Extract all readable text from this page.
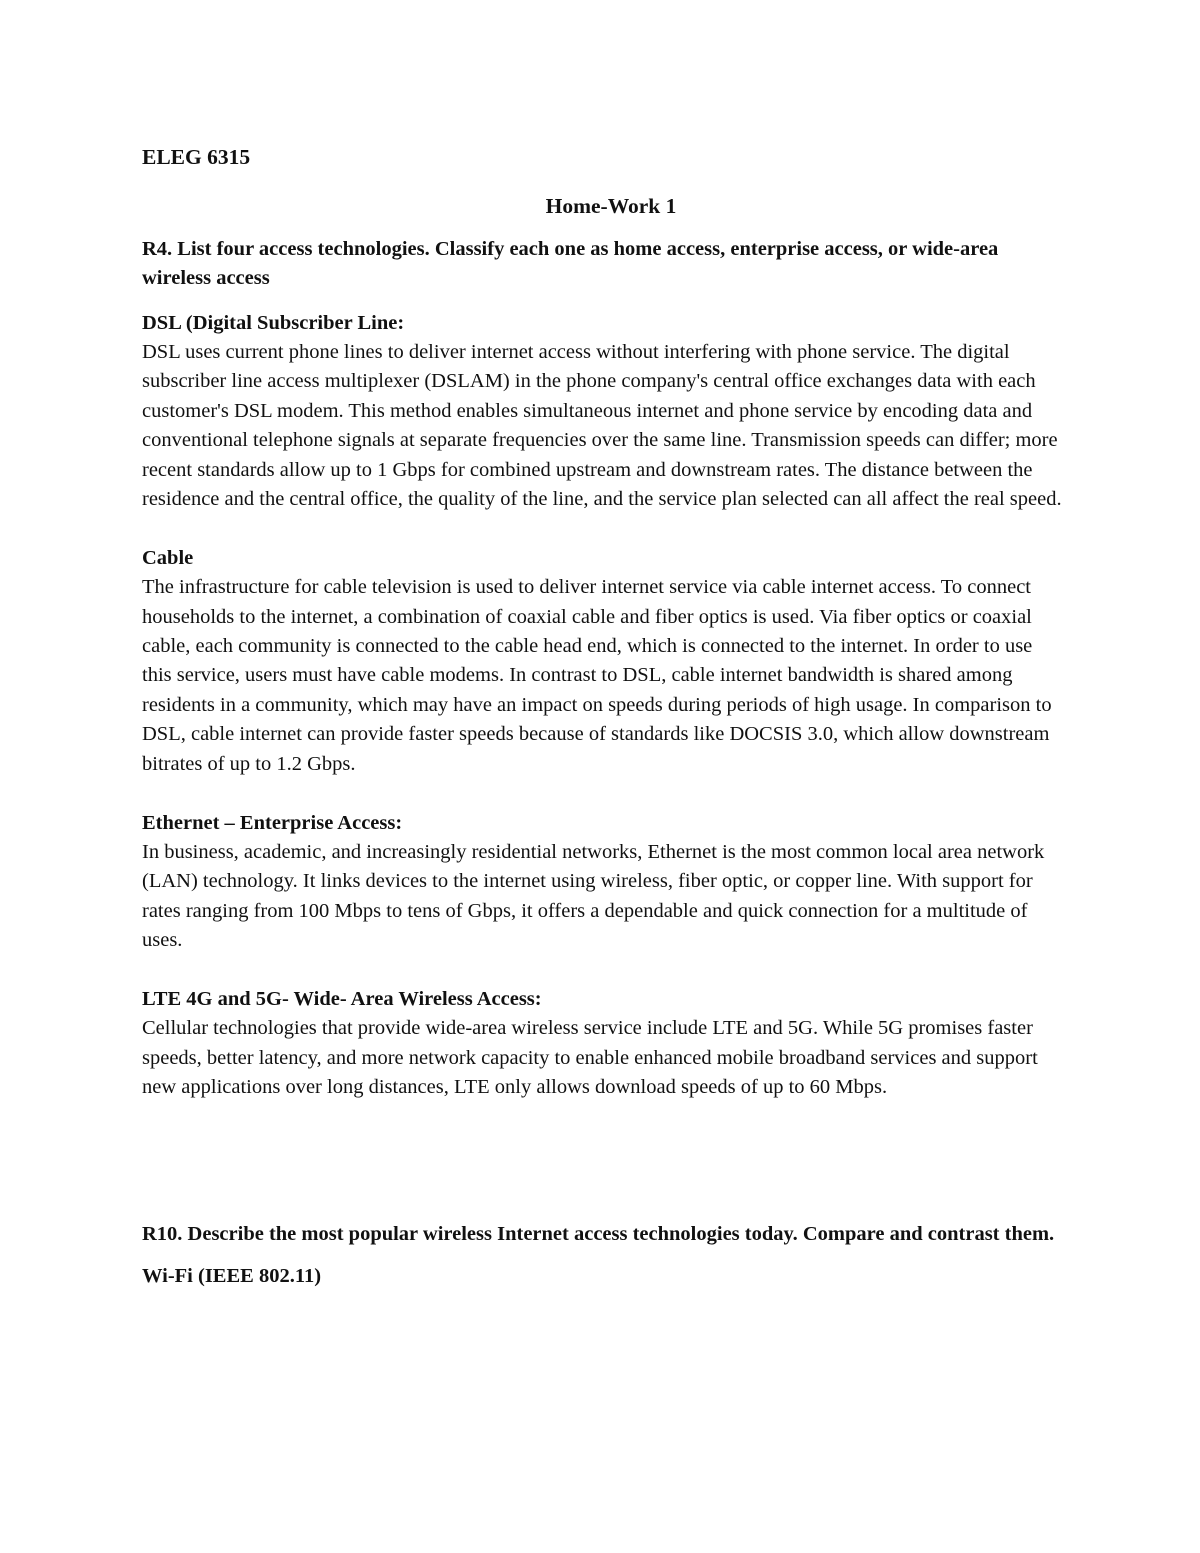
ELEG 6315

Home-Work 1

R4. List four access technologies. Classify each one as home access, enterprise access, or wide-area wireless access

DSL (Digital Subscriber Line:

DSL uses current phone lines to deliver internet access without interfering with phone service. The digital subscriber line access multiplexer (DSLAM) in the phone company's central office exchanges data with each customer's DSL modem. This method enables simultaneous internet and phone service by encoding data and conventional telephone signals at separate frequencies over the same line. Transmission speeds can differ; more recent standards allow up to 1 Gbps for combined upstream and downstream rates. The distance between the residence and the central office, the quality of the line, and the service plan selected can all affect the real speed.

Cable

The infrastructure for cable television is used to deliver internet service via cable internet access. To connect households to the internet, a combination of coaxial cable and fiber optics is used. Via fiber optics or coaxial cable, each community is connected to the cable head end, which is connected to the internet. In order to use this service, users must have cable modems. In contrast to DSL, cable internet bandwidth is shared among residents in a community, which may have an impact on speeds during periods of high usage. In comparison to DSL, cable internet can provide faster speeds because of standards like DOCSIS 3.0, which allow downstream bitrates of up to 1.2 Gbps.

Ethernet – Enterprise Access:

In business, academic, and increasingly residential networks, Ethernet is the most common local area network (LAN) technology. It links devices to the internet using wireless, fiber optic, or copper line. With support for rates ranging from 100 Mbps to tens of Gbps, it offers a dependable and quick connection for a multitude of uses.

LTE 4G and 5G- Wide- Area Wireless Access:

Cellular technologies that provide wide-area wireless service include LTE and 5G. While 5G promises faster speeds, better latency, and more network capacity to enable enhanced mobile broadband services and support new applications over long distances, LTE only allows download speeds of up to 60 Mbps.

R10. Describe the most popular wireless Internet access technologies today. Compare and contrast them.

Wi-Fi (IEEE 802.11)
